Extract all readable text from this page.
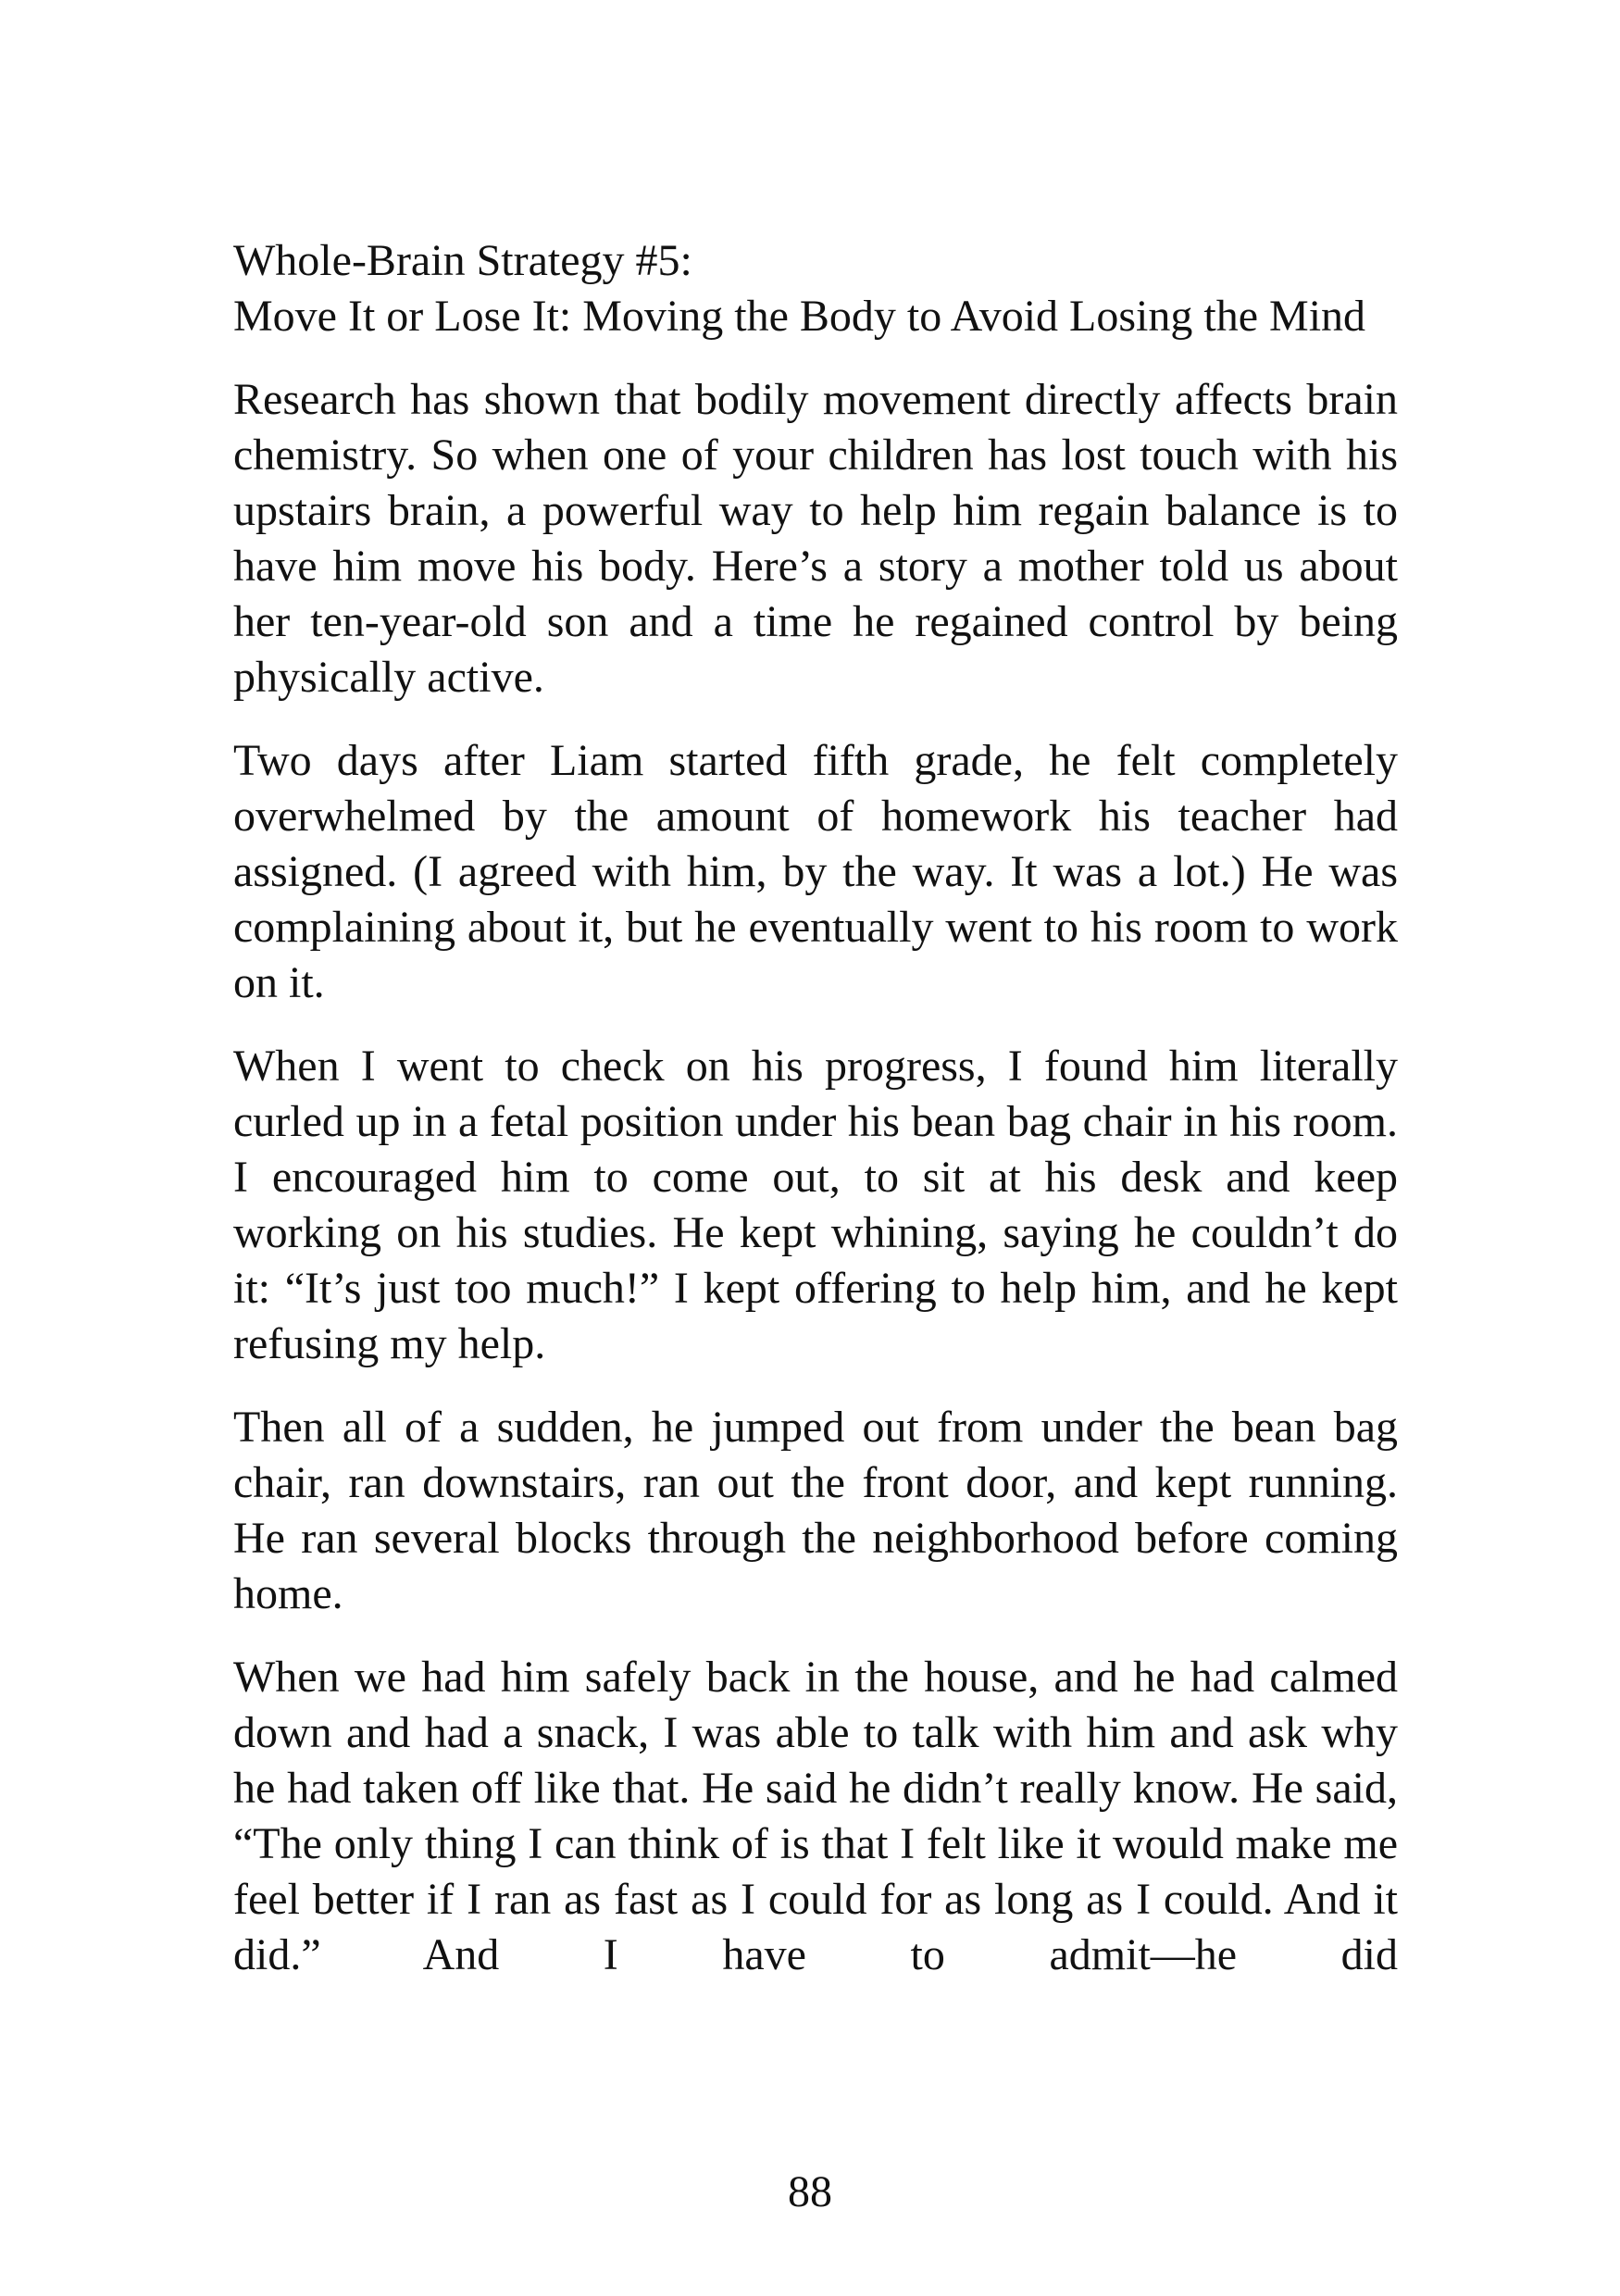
Whole-Brain Strategy #5:
Move It or Lose It: Moving the Body to Avoid Losing the Mind

Research has shown that bodily movement directly affects brain chemistry. So when one of your children has lost touch with his upstairs brain, a powerful way to help him regain balance is to have him move his body. Here’s a story a mother told us about her ten-year-old son and a time he regained control by being physically active.

Two days after Liam started fifth grade, he felt completely overwhelmed by the amount of homework his teacher had assigned. (I agreed with him, by the way. It was a lot.) He was complaining about it, but he eventually went to his room to work on it.

When I went to check on his progress, I found him literally curled up in a fetal position under his bean bag chair in his room. I encouraged him to come out, to sit at his desk and keep working on his studies. He kept whining, saying he couldn’t do it: “It’s just too much!” I kept offering to help him, and he kept refusing my help.

Then all of a sudden, he jumped out from under the bean bag chair, ran downstairs, ran out the front door, and kept running. He ran several blocks through the neighborhood before coming home.

When we had him safely back in the house, and he had calmed down and had a snack, I was able to talk with him and ask why he had taken off like that. He said he didn’t really know. He said, “The only thing I can think of is that I felt like it would make me feel better if I ran as fast as I could for as long as I could. And it did.” And I have to admit—he did

88
